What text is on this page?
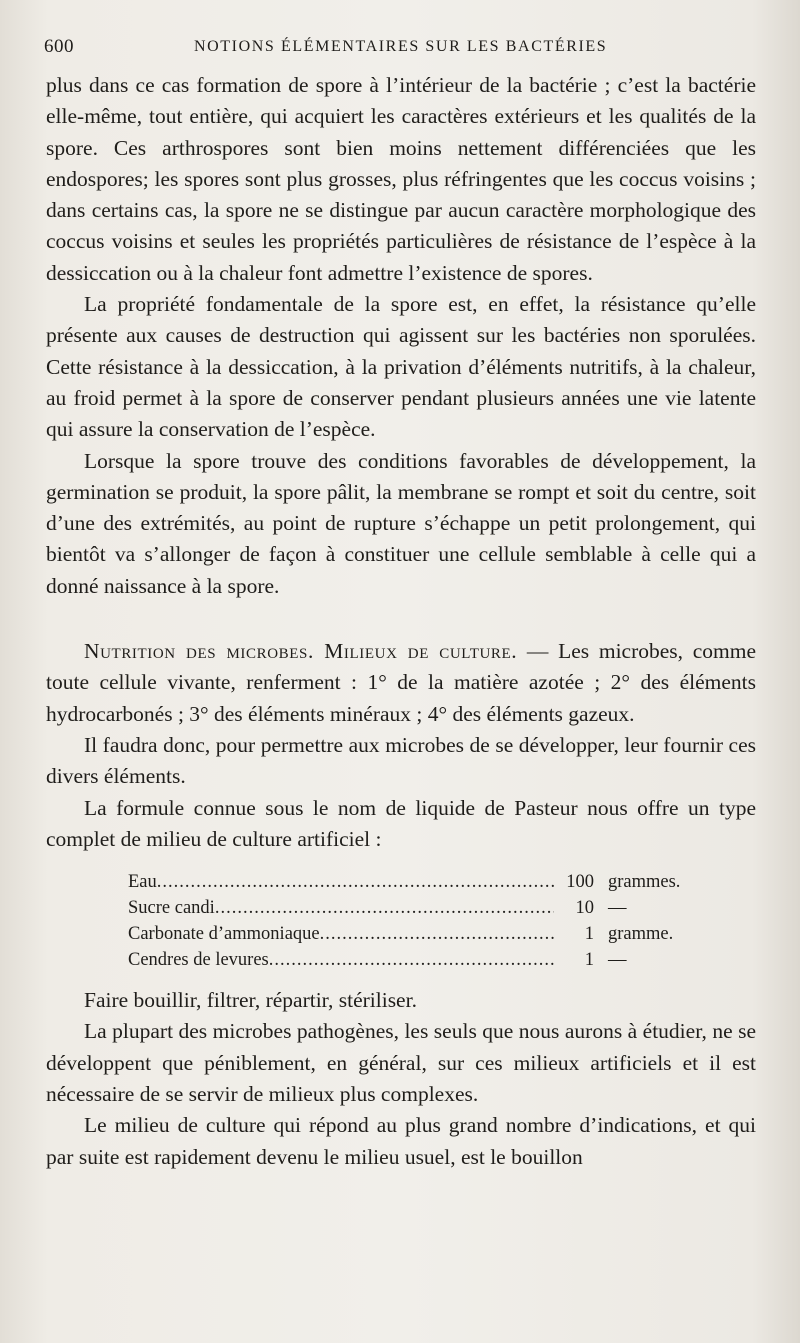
600	NOTIONS ÉLÉMENTAIRES SUR LES BACTÉRIES

plus dans ce cas formation de spore à l’intérieur de la bactérie ; c’est la bactérie elle-même, tout entière, qui acquiert les caractères extérieurs et les qualités de la spore. Ces arthrospores sont bien moins nettement différenciées que les endospores; les spores sont plus grosses, plus réfringentes que les coccus voisins ; dans certains cas, la spore ne se distingue par aucun caractère morphologique des coccus voisins et seules les propriétés particulières de résistance de l’espèce à la dessiccation ou à la chaleur font admettre l’existence de spores.

La propriété fondamentale de la spore est, en effet, la résistance qu’elle présente aux causes de destruction qui agissent sur les bactéries non sporulées. Cette résistance à la dessiccation, à la privation d’éléments nutritifs, à la chaleur, au froid permet à la spore de conserver pendant plusieurs années une vie latente qui assure la conservation de l’espèce.

Lorsque la spore trouve des conditions favorables de développement, la germination se produit, la spore pâlit, la membrane se rompt et soit du centre, soit d’une des extrémités, au point de rupture s’échappe un petit prolongement, qui bientôt va s’allonger de façon à constituer une cellule semblable à celle qui a donné naissance à la spore.

Nutrition des microbes. Milieux de culture. — Les microbes, comme toute cellule vivante, renferment : 1° de la matière azotée ; 2° des éléments hydrocarbonés ; 3° des éléments minéraux ; 4° des éléments gazeux.

Il faudra donc, pour permettre aux microbes de se développer, leur fournir ces divers éléments.

La formule connue sous le nom de liquide de Pasteur nous offre un type complet de milieu de culture artificiel :

Eau .....	100 grammes.
Sucre candi .....	10 —
Carbonate d’ammoniaque .....	1 gramme.
Cendres de levures .....	1 —

Faire bouillir, filtrer, répartir, stériliser.

La plupart des microbes pathogènes, les seuls que nous aurons à étudier, ne se développent que péniblement, en général, sur ces milieux artificiels et il est nécessaire de se servir de milieux plus complexes.

Le milieu de culture qui répond au plus grand nombre d’indications, et qui par suite est rapidement devenu le milieu usuel, est le bouillon
